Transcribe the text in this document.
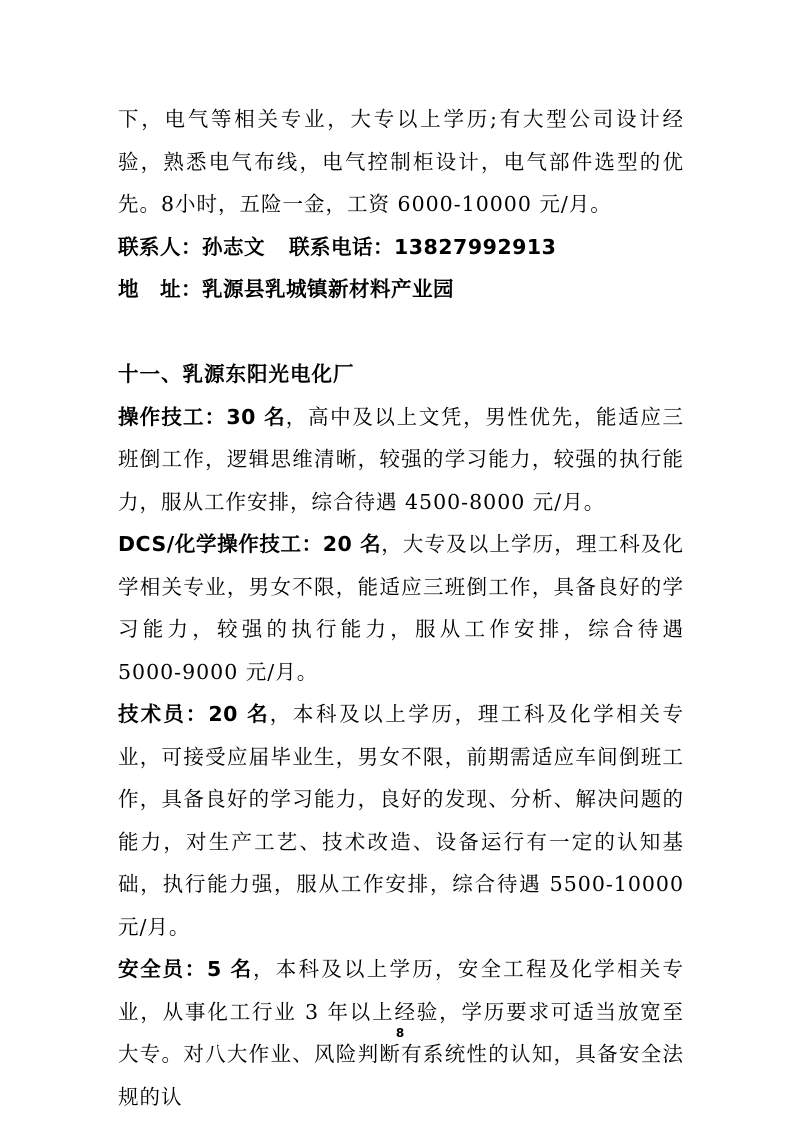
下，电气等相关专业，大专以上学历;有大型公司设计经验，熟悉电气布线，电气控制柜设计，电气部件选型的优先。8小时，五险一金，工资 6000-10000 元/月。

联系人：孙志文 联系电话：13827992913

地　址：乳源县乳城镇新材料产业园

十一、乳源东阳光电化厂

操作技工：30 名，高中及以上文凭，男性优先，能适应三班倒工作，逻辑思维清晰，较强的学习能力，较强的执行能力，服从工作安排，综合待遇 4500-8000 元/月。

DCS/化学操作技工：20 名，大专及以上学历，理工科及化学相关专业，男女不限，能适应三班倒工作，具备良好的学习能力，较强的执行能力，服从工作安排，综合待遇 5000-9000 元/月。

技术员：20 名，本科及以上学历，理工科及化学相关专业，可接受应届毕业生，男女不限，前期需适应车间倒班工作，具备良好的学习能力，良好的发现、分析、解决问题的能力，对生产工艺、技术改造、设备运行有一定的认知基础，执行能力强，服从工作安排，综合待遇 5500-10000 元/月。

安全员：5 名，本科及以上学历，安全工程及化学相关专业，从事化工行业 3 年以上经验，学历要求可适当放宽至大专。对八大作业、风险判断有系统性的认知，具备安全法规的认

8
